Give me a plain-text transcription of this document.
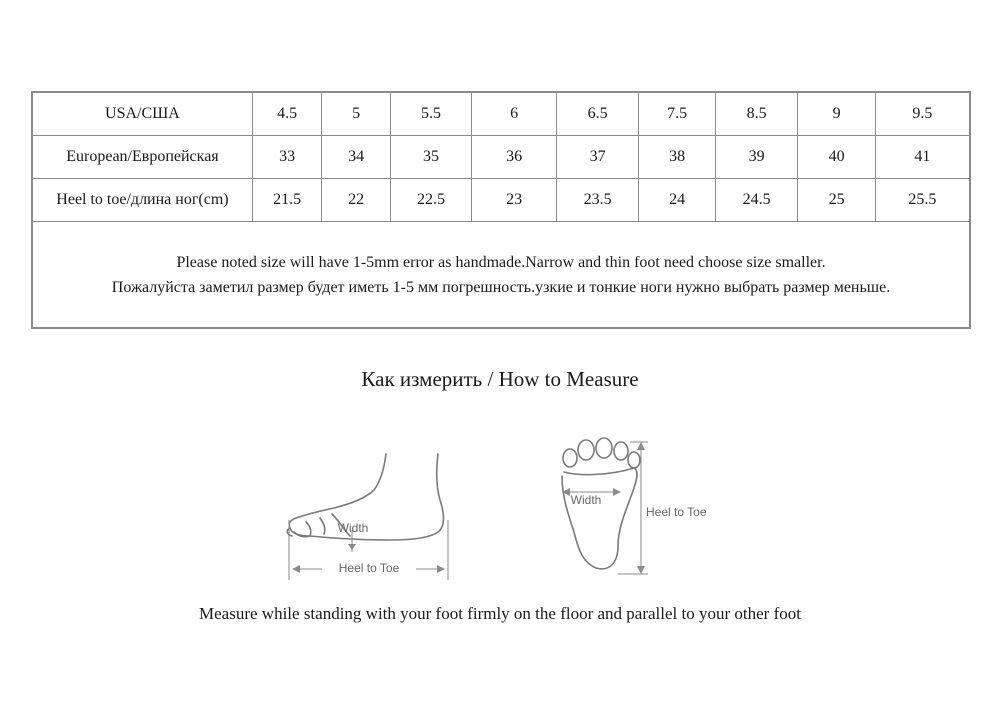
USA/США	4.5	5	5.5	6	6.5	7.5	8.5	9	9.5
European/Европейская	33	34	35	36	37	38	39	40	41
Heel to toe/длина ног(cm)	21.5	22	22.5	23	23.5	24	24.5	25	25.5
Please noted size will have 1-5mm error as handmade.Narrow and thin foot need choose size smaller.
Пожалуйста заметил размер будет иметь 1-5 мм погрешность.узкие и тонкие ноги нужно выбрать размер меньше.
Как измерить / How to Measure
Width
Heel to Toe
Width
Heel to Toe
Measure while standing with your foot firmly on the floor and parallel to your other foot
